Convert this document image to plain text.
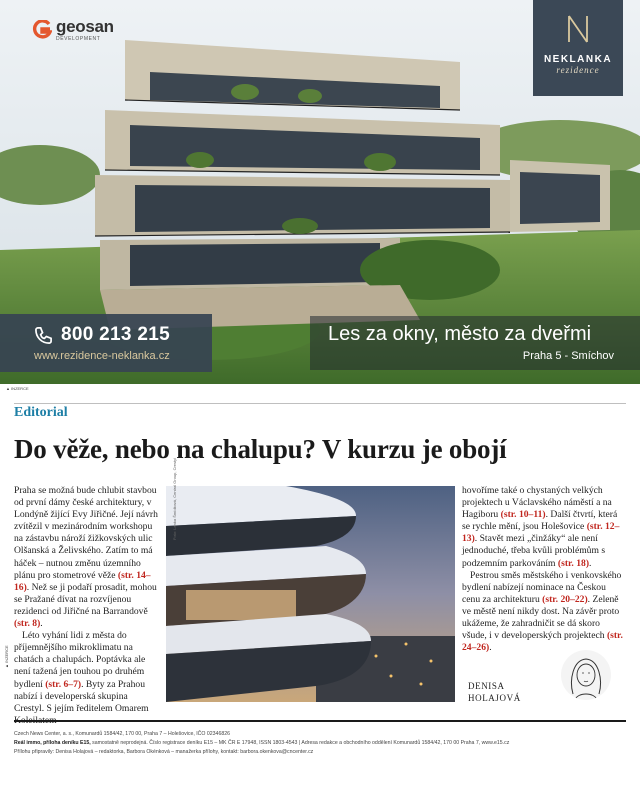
geosan
DEVELOPMENT
NEKLANKA
rezidence
800 213 215
www.rezidence-neklanka.cz
Les za okny, město za dveřmi
Praha 5 - Smíchov
▲ INZERCE
Editorial
Do věže, nebo na chalupu? V kurzu je obojí

Praha se možná bude chlubit stavbou od první dámy české architektury, v Londýně žijící Evy Jiřičné. Její návrh zvítězil v mezinárodním workshopu na zástavbu nároží žižkovských ulic Olšanská a Želivského. Zatím to má háček – nutnou změnu územního plánu pro stometrové věže (str. 14–16). Než se ji podaří prosadit, mohou se Pražané dívat na rozvíjenou rezidenci od Jiřičné na Barrandově (str. 8).

Léto vyhání lidi z města do příjemnějšího mikroklimatu na chatách a chalupách. Poptávka ale není tažená jen touhou po druhém bydlení (str. 6–7). Byty za Prahou nabízí i developerská skupina Crestyl. S jejím ředitelem Omarem

Foto: Lenka Šmídková, Central Group, Crestyl
▲ INZERCE

hovoříme také o chystaných velkých projektech u Václavského náměstí a na Hagiboru (str. 10–11). Další čtvrtí, která se rychle mění, jsou Holešovice (str. 12–13). Stavět mezi „činžáky“ ale není jednoduché, třeba kvůli problémům s podzemním parkováním (str. 18).

Pestrou směs městského i venkovského bydlení nabízejí nominace na Českou cenu za architekturu (str. 20–22). Zeleně ve městě není nikdy dost. Na závěr proto ukážeme, že zahradničit se dá skoro všude, i v developerských projektech (str. 24–26).

DENISA
HOLAJOVÁ
Czech News Center, a. s., Komunardů 1584/42, 170 00, Praha 7 – Holešovice, IČO 02346826
Reál immo, příloha deníku E15, samostatně neprodejná. Číslo registrace deníku E15 – MK ČR E 17948, ISSN 1803-4543 | Adresa redakce a obchodního oddělení Komunardů 1584/42, 170 00 Praha 7, www.e15.cz
Přílohu připravily: Denisa Holajová – redaktorka, Barbora Okénková – manažerka přílohy, kontakt: barbora.okenkova@cncenter.cz
